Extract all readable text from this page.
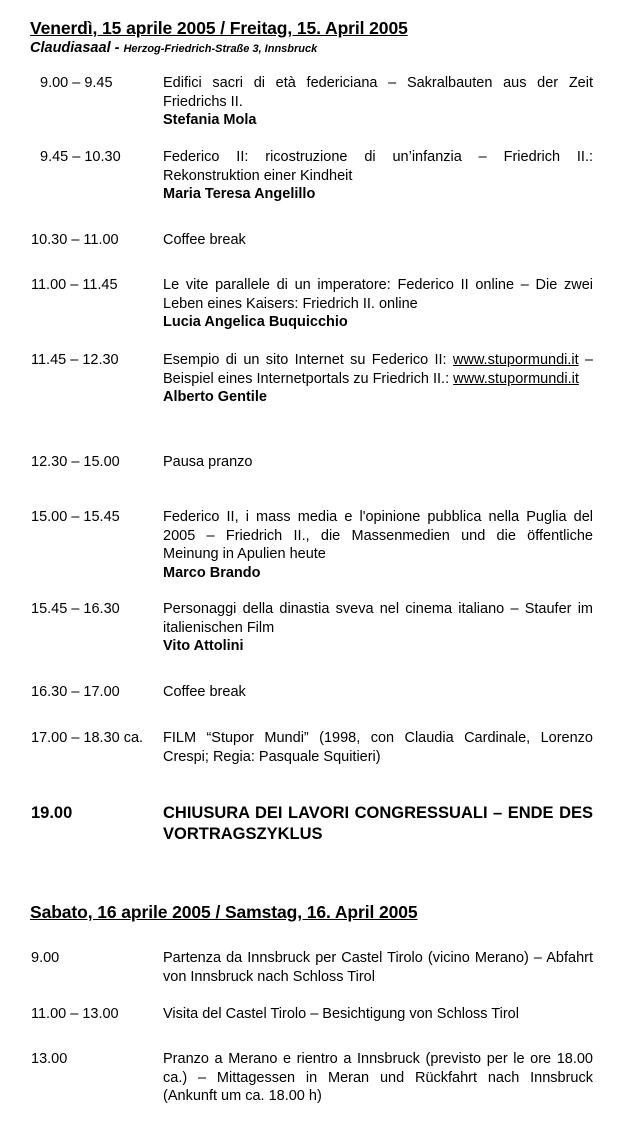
Venerdì, 15 aprile 2005 / Freitag, 15. April 2005
Claudiasaal - Herzog-Friedrich-Straße 3, Innsbruck
9.00 – 9.45	Edifici sacri di età federiciana – Sakralbauten aus der Zeit Friedrichs II.
Stefania Mola
9.45 – 10.30	Federico II: ricostruzione di un’infanzia – Friedrich II.: Rekonstruktion einer Kindheit
Maria Teresa Angelillo
10.30 – 11.00	Coffee break
11.00 – 11.45	Le vite parallele di un imperatore: Federico II online – Die zwei Leben eines Kaisers: Friedrich II. online
Lucia Angelica Buquicchio
11.45 – 12.30	Esempio di un sito Internet su Federico II: www.stupormundi.it – Beispiel eines Internetportals zu Friedrich II.: www.stupormundi.it
Alberto Gentile
12.30 – 15.00	Pausa pranzo
15.00 – 15.45	Federico II, i mass media e l'opinione pubblica nella Puglia del 2005 – Friedrich II., die Massenmedien und die öffentliche Meinung in Apulien heute
Marco Brando
15.45 – 16.30	Personaggi della dinastia sveva nel cinema italiano – Staufer im italienischen Film
Vito Attolini
16.30 – 17.00	Coffee break
17.00 – 18.30 ca. FILM “Stupor Mundi” (1998, con Claudia Cardinale, Lorenzo Crespi; Regia: Pasquale Squitieri)
19.00	CHIUSURA DEI LAVORI CONGRESSUALI – ENDE DES VORTRAGSZYKLUS
Sabato, 16 aprile 2005 / Samstag, 16. April 2005
9.00	Partenza da Innsbruck per Castel Tirolo (vicino Merano) – Abfahrt von Innsbruck nach Schloss Tirol
11.00 – 13.00	Visita del Castel Tirolo – Besichtigung von Schloss Tirol
13.00	Pranzo a Merano e rientro a Innsbruck (previsto per le ore 18.00 ca.) – Mittagessen in Meran und Rückfahrt nach Innsbruck (Ankunft um ca. 18.00 h)
